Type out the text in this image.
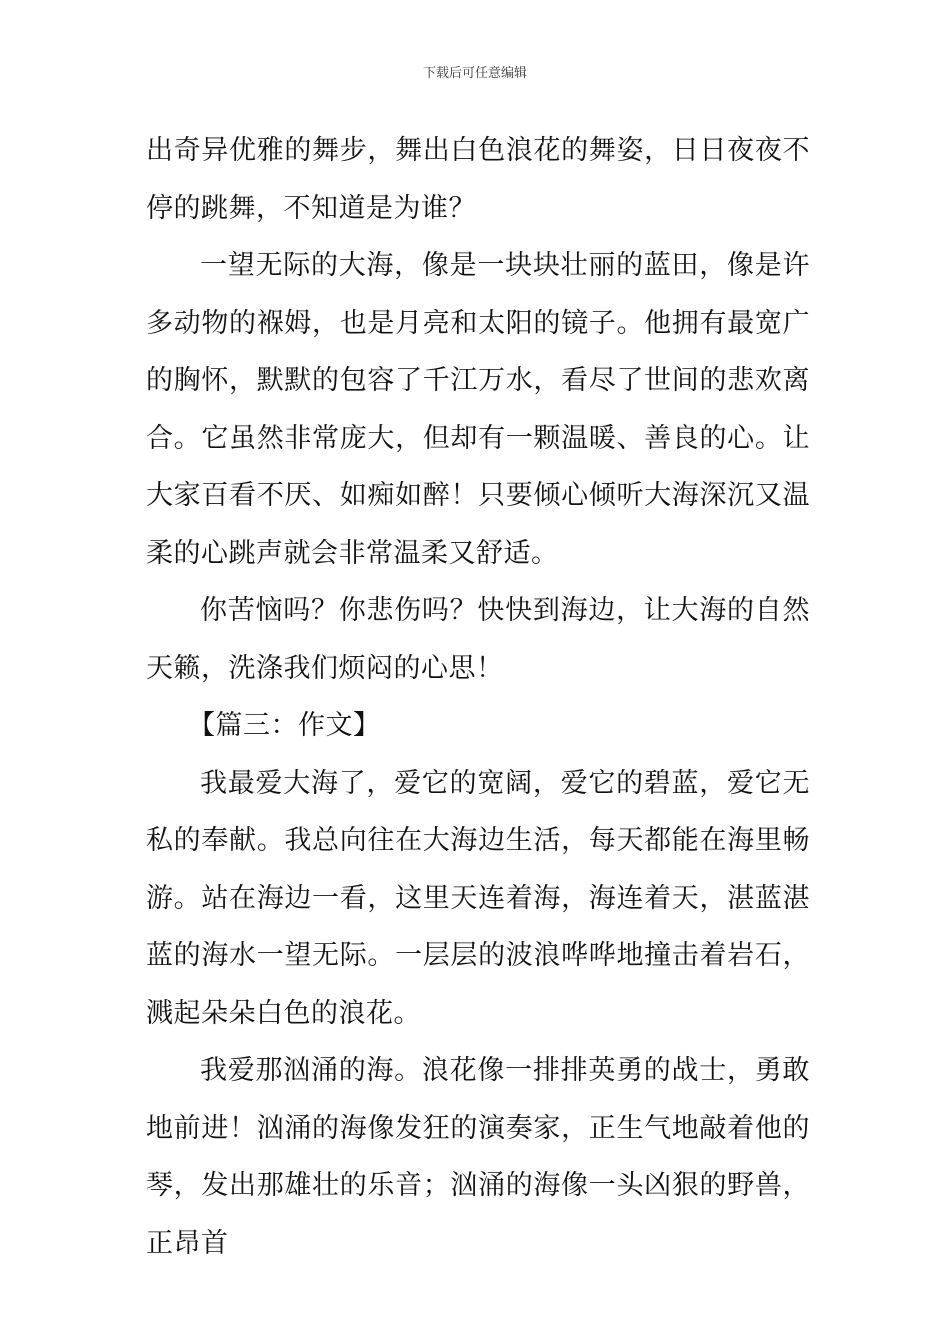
下载后可任意编辑

出奇异优雅的舞步，舞出白色浪花的舞姿，日日夜夜不停的跳舞，不知道是为谁？

一望无际的大海，像是一块块壮丽的蓝田，像是许多动物的褓姆，也是月亮和太阳的镜子。他拥有最宽广的胸怀，默默的包容了千江万水，看尽了世间的悲欢离合。它虽然非常庞大，但却有一颗温暖、善良的心。让大家百看不厌、如痴如醉！只要倾心倾听大海深沉又温柔的心跳声就会非常温柔又舒适。

你苦恼吗？你悲伤吗？快快到海边，让大海的自然天籁，洗涤我们烦闷的心思！

【篇三：作文】

我最爱大海了，爱它的宽阔，爱它的碧蓝，爱它无私的奉献。我总向往在大海边生活，每天都能在海里畅游。站在海边一看，这里天连着海，海连着天，湛蓝湛蓝的海水一望无际。一层层的波浪哗哗地撞击着岩石，溅起朵朵白色的浪花。

我爱那汹涌的海。浪花像一排排英勇的战士，勇敢地前进！汹涌的海像发狂的演奏家，正生气地敲着他的琴，发出那雄壮的乐音；汹涌的海像一头凶狠的野兽，正昂首
